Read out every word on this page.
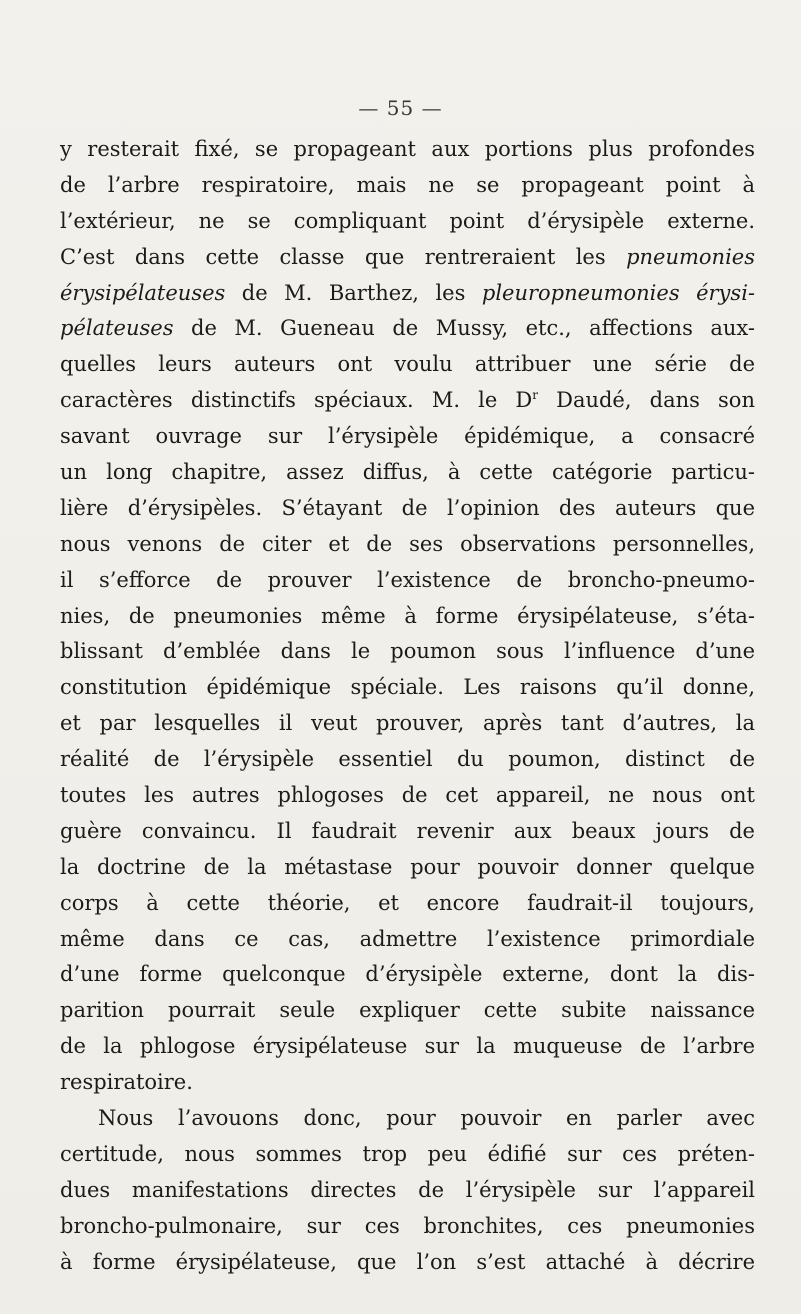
— 55 —
y resterait fixé, se propageant aux portions plus profondes
de l’arbre respiratoire, mais ne se propageant point à
l’extérieur, ne se compliquant point d’érysipèle externe.
C’est dans cette classe que rentreraient les pneumonies
érysipélateuses de M. Barthez, les pleuropneumonies érysi-
pélateuses de M. Gueneau de Mussy, etc., affections aux-
quelles leurs auteurs ont voulu attribuer une série de
caractères distinctifs spéciaux. M. le $D^r$ Daudé, dans son
savant ouvrage sur l’érysipèle épidémique, a consacré
un long chapitre, assez diffus, à cette catégorie particu-
lière d’érysipèles. S’étayant de l’opinion des auteurs que
nous venons de citer et de ses observations personnelles,
il s’efforce de prouver l’existence de broncho-pneumo-
nies, de pneumonies même à forme érysipélateuse, s’éta-
blissant d’emblée dans le poumon sous l’influence d’une
constitution épidémique spéciale. Les raisons qu’il donne,
et par lesquelles il veut prouver, après tant d’autres, la
réalité de l’érysipèle essentiel du poumon, distinct de
toutes les autres phlogoses de cet appareil, ne nous ont
guère convaincu. Il faudrait revenir aux beaux jours de
la doctrine de la métastase pour pouvoir donner quelque
corps à cette théorie, et encore faudrait-il toujours,
même dans ce cas, admettre l’existence primordiale
d’une forme quelconque d’érysipèle externe, dont la dis-
parition pourrait seule expliquer cette subite naissance
de la phlogose érysipélateuse sur la muqueuse de l’arbre
respiratoire.
Nous l’avouons donc, pour pouvoir en parler avec
certitude, nous sommes trop peu édifié sur ces préten-
dues manifestations directes de l’érysipèle sur l’appareil
broncho-pulmonaire, sur ces bronchites, ces pneumonies
à forme érysipélateuse, que l’on s’est attaché à décrire
